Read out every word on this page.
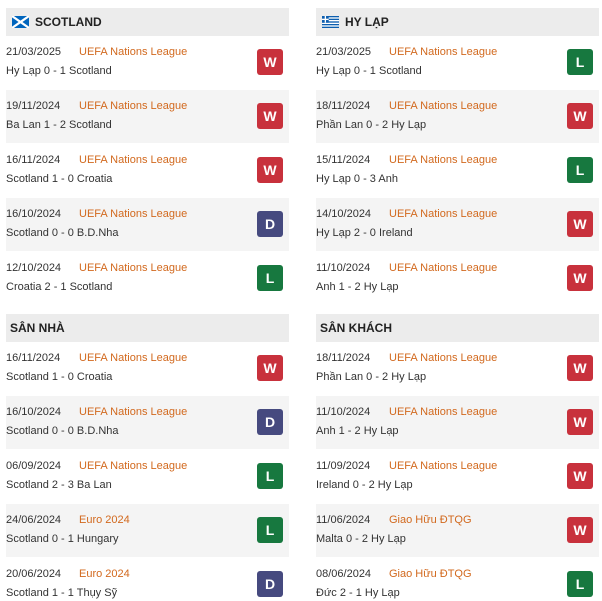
SCOTLAND
21/03/2025	UEFA Nations League
Hy Lạp 0 - 1 Scotland
W
19/11/2024	UEFA Nations League
Ba Lan 1 - 2 Scotland
W
16/11/2024	UEFA Nations League
Scotland 1 - 0 Croatia
W
16/10/2024	UEFA Nations League
Scotland 0 - 0 B.D.Nha
D
12/10/2024	UEFA Nations League
Croatia 2 - 1 Scotland
L
SÂN NHÀ
16/11/2024	UEFA Nations League
Scotland 1 - 0 Croatia
W
16/10/2024	UEFA Nations League
Scotland 0 - 0 B.D.Nha
D
06/09/2024	UEFA Nations League
Scotland 2 - 3 Ba Lan
L
24/06/2024	Euro 2024
Scotland 0 - 1 Hungary
L
20/06/2024	Euro 2024
Scotland 1 - 1 Thụy Sỹ
D
HY LẠP
21/03/2025	UEFA Nations League
Hy Lạp 0 - 1 Scotland
L
18/11/2024	UEFA Nations League
Phần Lan 0 - 2 Hy Lạp
W
15/11/2024	UEFA Nations League
Hy Lạp 0 - 3 Anh
L
14/10/2024	UEFA Nations League
Hy Lạp 2 - 0 Ireland
W
11/10/2024	UEFA Nations League
Anh 1 - 2 Hy Lạp
W
SÂN KHÁCH
18/11/2024	UEFA Nations League
Phần Lan 0 - 2 Hy Lạp
W
11/10/2024	UEFA Nations League
Anh 1 - 2 Hy Lạp
W
11/09/2024	UEFA Nations League
Ireland 0 - 2 Hy Lạp
W
11/06/2024	Giao Hữu ĐTQG
Malta 0 - 2 Hy Lạp
W
08/06/2024	Giao Hữu ĐTQG
Đức 2 - 1 Hy Lạp
L
